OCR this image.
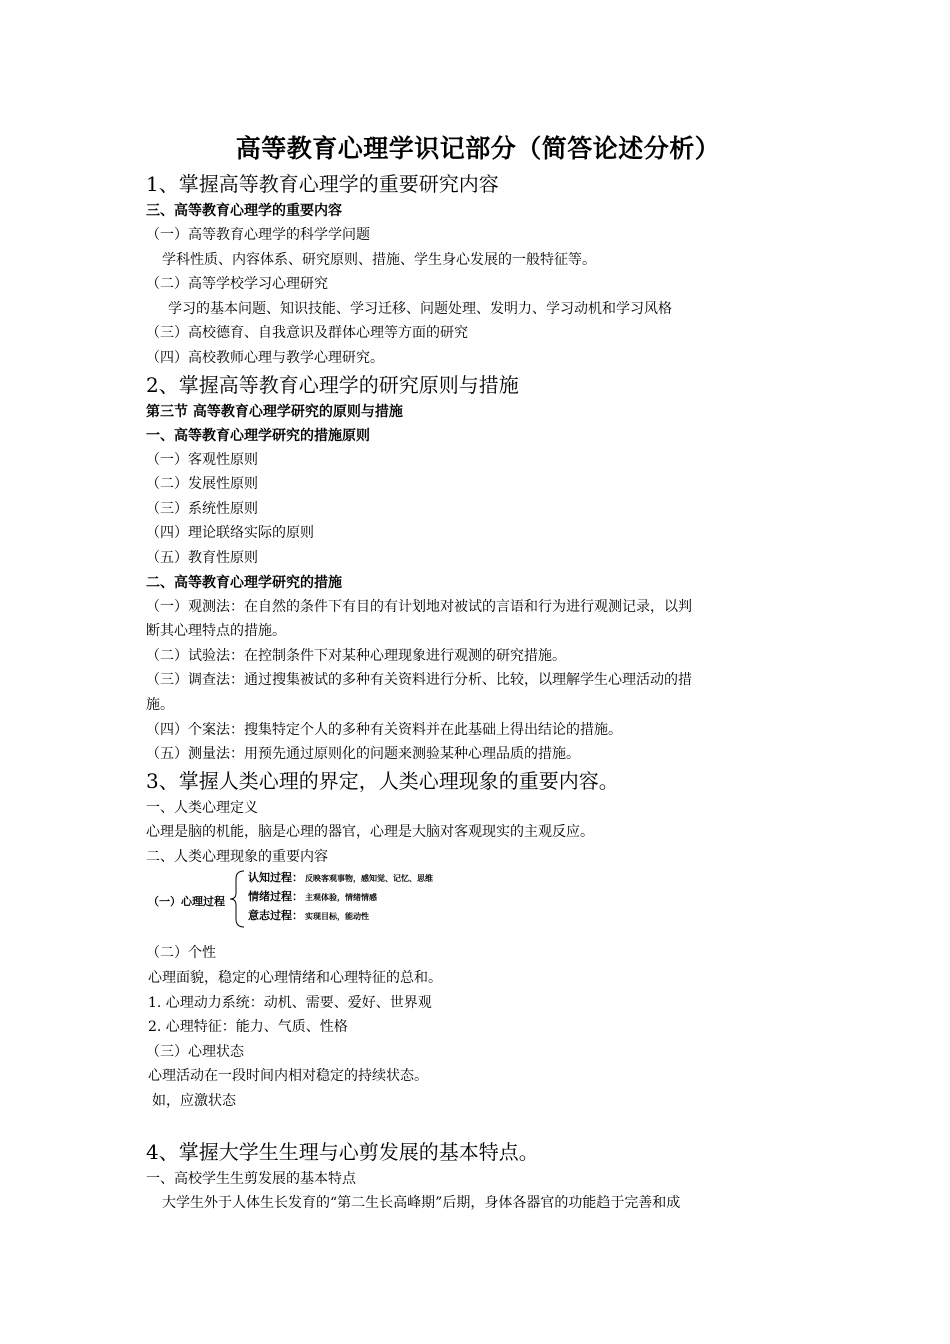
高等教育心理学识记部分（简答论述分析）
1、掌握高等教育心理学的重要研究内容
三、高等教育心理学的重要内容
（一）高等教育心理学的科学学问题
学科性质、内容体系、研究原则、措施、学生身心发展的一般特征等。
（二）高等学校学习心理研究
学习的基本问题、知识技能、学习迁移、问题处理、发明力、学习动机和学习风格
（三）高校德育、自我意识及群体心理等方面的研究
（四）高校教师心理与教学心理研究。
2、掌握高等教育心理学的研究原则与措施
第三节 高等教育心理学研究的原则与措施
一、高等教育心理学研究的措施原则
（一）客观性原则
（二）发展性原则
（三）系统性原则
（四）理论联络实际的原则
（五）教育性原则
二、高等教育心理学研究的措施
（一）观测法：在自然的条件下有目的有计划地对被试的言语和行为进行观测记录，以判
断其心理特点的措施。
（二）试验法：在控制条件下对某种心理现象进行观测的研究措施。
（三）调查法：通过搜集被试的多种有关资料进行分析、比较，以理解学生心理活动的措
施。
（四）个案法：搜集特定个人的多种有关资料并在此基础上得出结论的措施。
（五）测量法：用预先通过原则化的问题来测验某种心理品质的措施。
3、掌握人类心理的界定，人类心理现象的重要内容。
一、人类心理定义
心理是脑的机能，脑是心理的器官，心理是大脑对客观现实的主观反应。
二、人类心理现象的重要内容
（一）心理过程
认知过程： 反映客观事物，感知觉、记忆、思维
情绪过程： 主观体验，情绪情感
意志过程： 实现目标，能动性
（二）个性
心理面貌，稳定的心理情绪和心理特征的总和。
1. 心理动力系统：动机、需要、爱好、世界观
2. 心理特征：能力、气质、性格
（三）心理状态
心理活动在一段时间内相对稳定的持续状态。
如，应激状态
4、掌握大学生生理与心剪发展的基本特点。
一、高校学生生剪发展的基本特点
大学生外于人体生长发育的“第二生长高峰期”后期，身体各器官的功能趋于完善和成
